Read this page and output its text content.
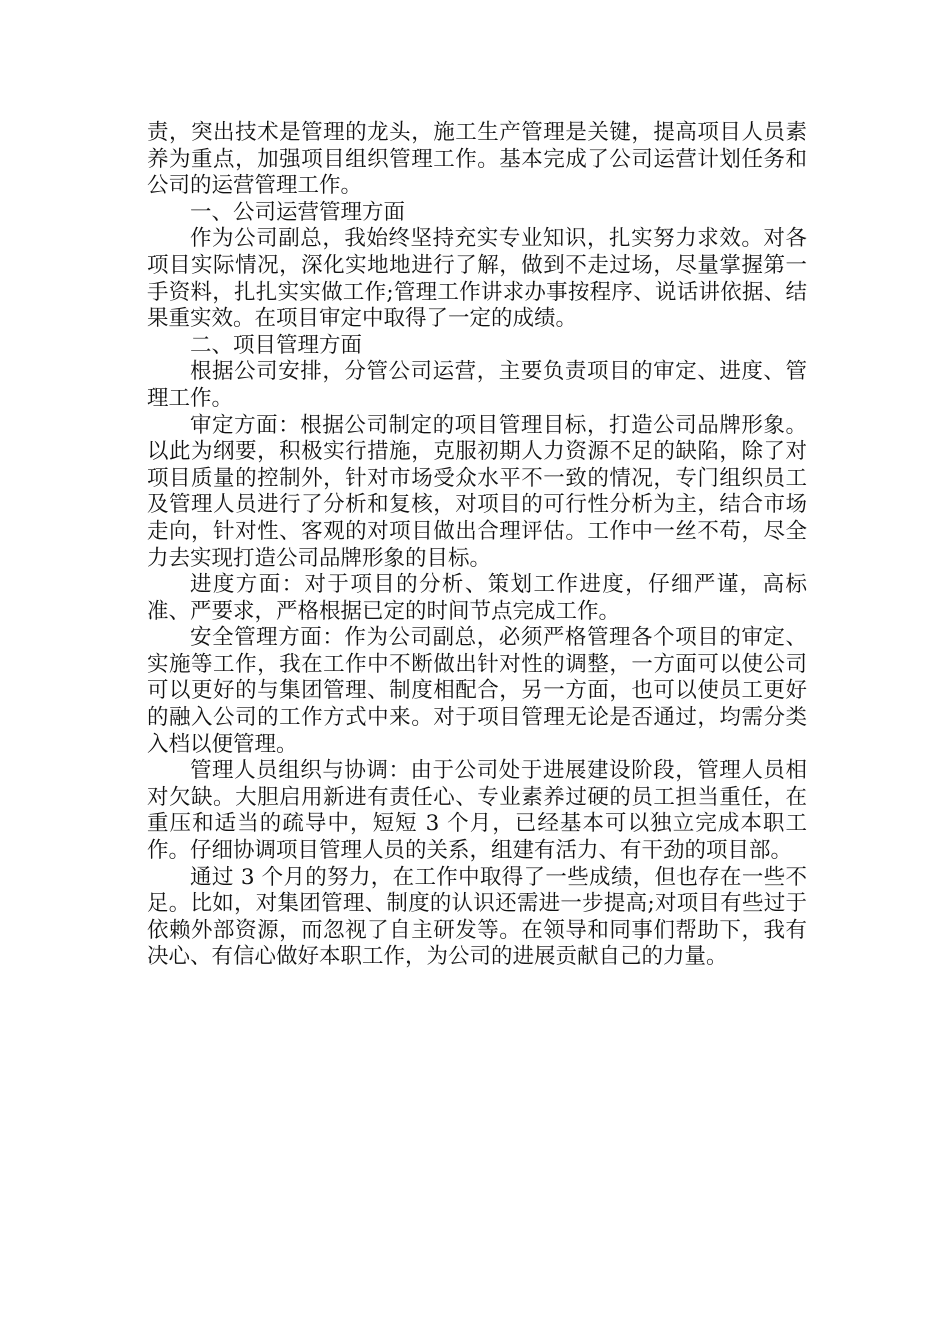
责，突出技术是管理的龙头，施工生产管理是关键，提高项目人员素养为重点，加强项目组织管理工作。基本完成了公司运营计划任务和公司的运营管理工作。

一、公司运营管理方面

作为公司副总，我始终坚持充实专业知识，扎实努力求效。对各项目实际情况，深化实地地进行了解，做到不走过场，尽量掌握第一手资料，扎扎实实做工作;管理工作讲求办事按程序、说话讲依据、结果重实效。在项目审定中取得了一定的成绩。

二、项目管理方面

根据公司安排，分管公司运营，主要负责项目的审定、进度、管理工作。

审定方面：根据公司制定的项目管理目标，打造公司品牌形象。以此为纲要，积极实行措施，克服初期人力资源不足的缺陷，除了对项目质量的控制外，针对市场受众水平不一致的情况，专门组织员工及管理人员进行了分析和复核，对项目的可行性分析为主，结合市场走向，针对性、客观的对项目做出合理评估。工作中一丝不苟，尽全力去实现打造公司品牌形象的目标。

进度方面：对于项目的分析、策划工作进度，仔细严谨，高标准、严要求，严格根据已定的时间节点完成工作。

安全管理方面：作为公司副总，必须严格管理各个项目的审定、实施等工作，我在工作中不断做出针对性的调整，一方面可以使公司可以更好的与集团管理、制度相配合，另一方面，也可以使员工更好的融入公司的工作方式中来。对于项目管理无论是否通过，均需分类入档以便管理。

管理人员组织与协调：由于公司处于进展建设阶段，管理人员相对欠缺。大胆启用新进有责任心、专业素养过硬的员工担当重任，在重压和适当的疏导中，短短 3 个月，已经基本可以独立完成本职工作。仔细协调项目管理人员的关系，组建有活力、有干劲的项目部。

通过 3 个月的努力，在工作中取得了一些成绩，但也存在一些不足。比如，对集团管理、制度的认识还需进一步提高;对项目有些过于依赖外部资源，而忽视了自主研发等。在领导和同事们帮助下，我有决心、有信心做好本职工作，为公司的进展贡献自己的力量。
